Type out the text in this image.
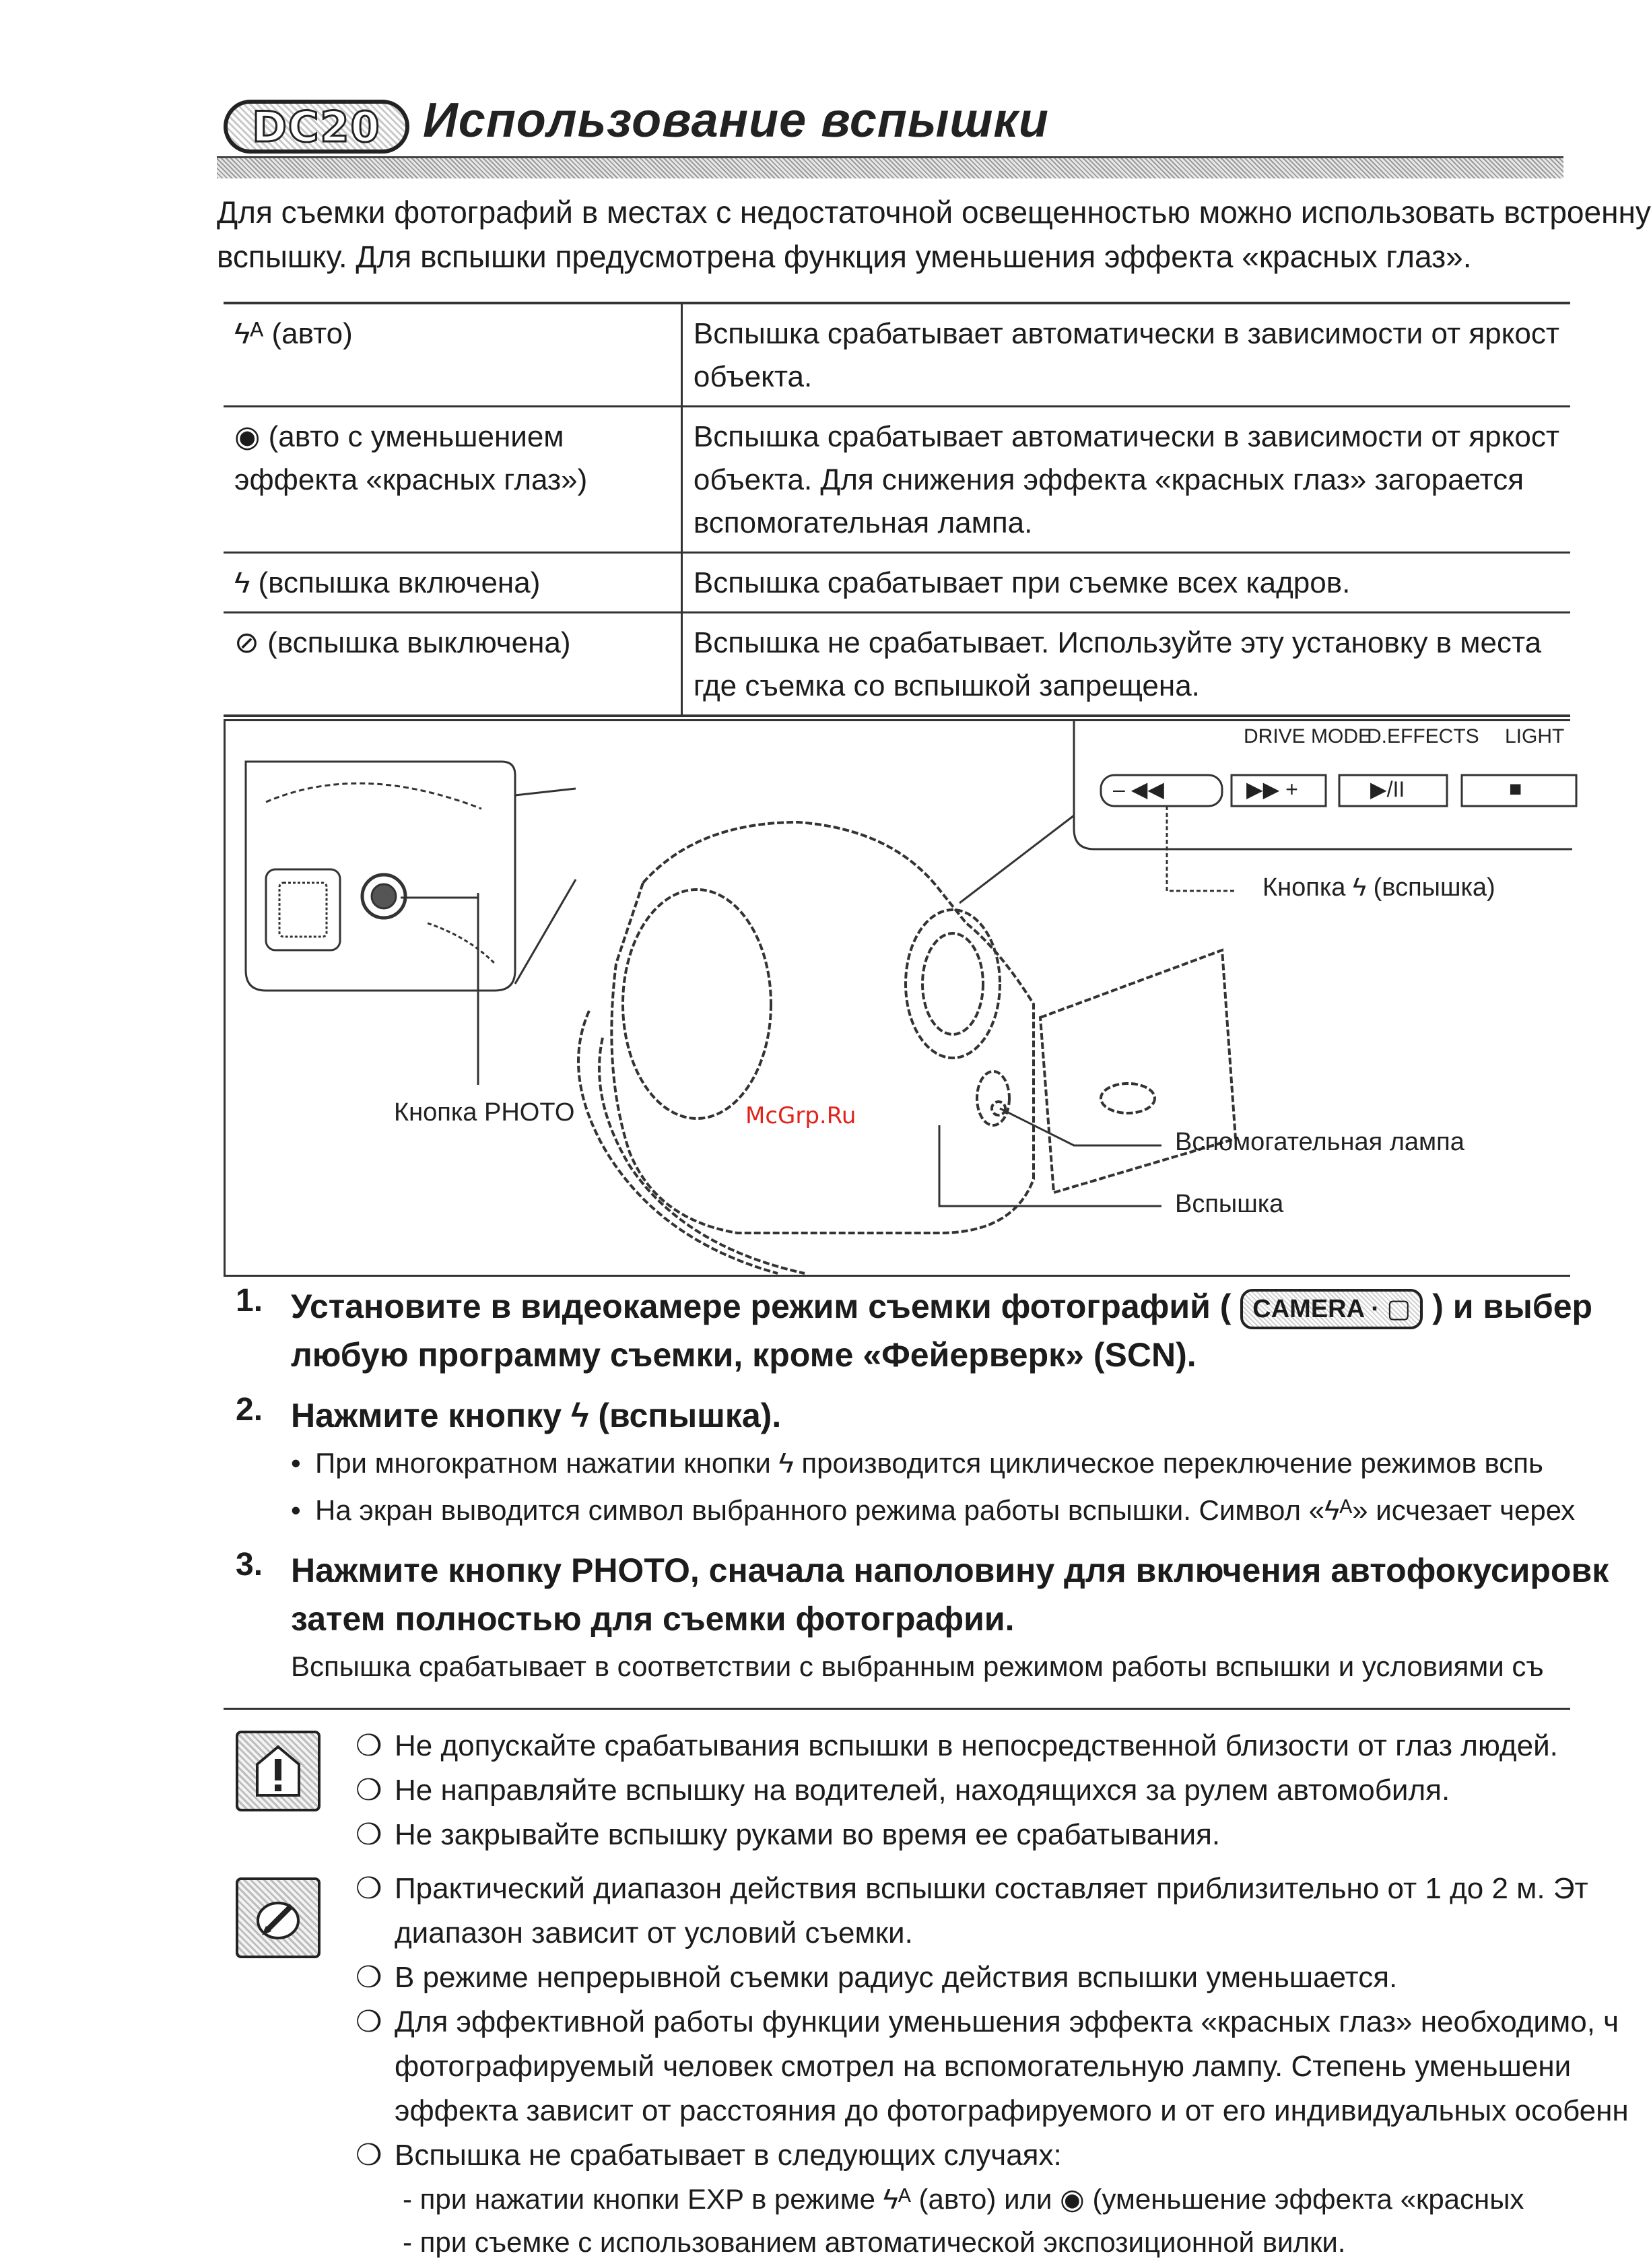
DC20 Использование вспышки

Для съемки фотографий в местах с недостаточной освещенностью можно использовать встроенну

вспышку. Для вспышки предусмотрена функция уменьшения эффекта «красных глаз».

ϟᴬ (авто)	Вспышка срабатывает автоматически в зависимости от яркост
объекта.

◉ (авто с уменьшением
эффекта «красных глаз»)	Вспышка срабатывает автоматически в зависимости от яркост
объекта. Для снижения эффекта «красных глаз» загорается
вспомогательная лампа.

ϟ (вспышка включена)	Вспышка срабатывает при съемке всех кадров.

⊘ (вспышка выключена)	Вспышка не срабатывает. Используйте эту установку в места
где съемка со вспышкой запрещена.
DRIVE MODE
D.EFFECTS LIGHT
– ◀◀	▶▶ +	▶/II	■
Кнопка ϟ (вспышка)
Кнопка PHOTO
Вспомогательная лампа
Вспышка
McGrp.Ru
1. Установите в видеокамере режим съемки фотографий ( CAMERA · ▢ ) и выбер
любую программу съемки, кроме «Фейерверк» (SCN).
2. Нажмите кнопку ϟ (вспышка).
• При многократном нажатии кнопки ϟ производится циклическое переключение режимов вспь
• На экран выводится символ выбранного режима работы вспышки. Символ «ϟᴬ» исчезает черех
3. Нажмите кнопку PHOTO, сначала наполовину для включения автофокусировк
затем полностью для съемки фотографии.
Вспышка срабатывает в соответствии с выбранным режимом работы вспышки и условиями съ
❍ Не допускайте срабатывания вспышки в непосредственной близости от глаз людей.
❍ Не направляйте вспышку на водителей, находящихся за рулем автомобиля.
❍ Не закрывайте вспышку руками во время ее срабатывания.
❍ Практический диапазон действия вспышки составляет приблизительно от 1 до 2 м. Эт
диапазон зависит от условий съемки.
❍ В режиме непрерывной съемки радиус действия вспышки уменьшается.
❍ Для эффективной работы функции уменьшения эффекта «красных глаз» необходимо, ч
фотографируемый человек смотрел на вспомогательную лампу. Степень уменьшени
эффекта зависит от расстояния до фотографируемого и от его индивидуальных особенн
❍ Вспышка не срабатывает в следующих случаях:
- при нажатии кнопки EXP в режиме ϟᴬ (авто) или ◉ (уменьшение эффекта «красных
- при съемке с использованием автоматической экспозиционной вилки.
